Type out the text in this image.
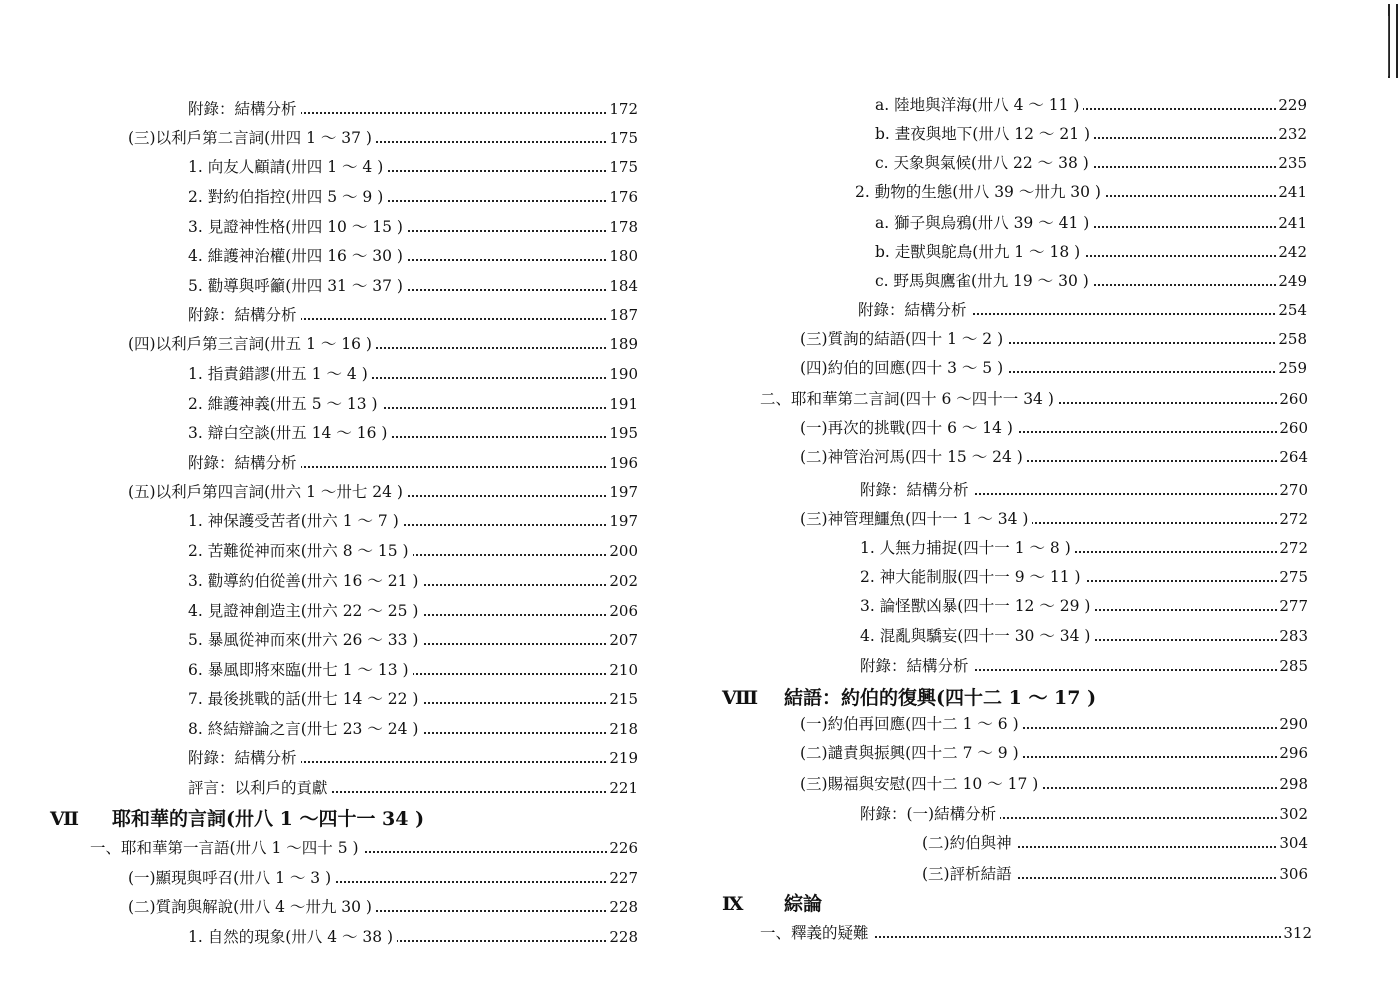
附錄：結構分析	172
(三)以利戶第二言詞(卅四 1 ～ 37 )	175
1. 向友人顧請(卅四 1 ～ 4 )	175
2. 對約伯指控(卅四 5 ～ 9 )	176
3. 見證神性格(卅四 10 ～ 15 )	178
4. 維護神治權(卅四 16 ～ 30 )	180
5. 勸導與呼籲(卅四 31 ～ 37 )	184
附錄：結構分析	187
(四)以利戶第三言詞(卅五 1 ～ 16 )	189
1. 指責錯謬(卅五 1 ～ 4 )	190
2. 維護神義(卅五 5 ～ 13 )	191
3. 辯白空談(卅五 14 ～ 16 )	195
附錄：結構分析	196
(五)以利戶第四言詞(卅六 1 ～卅七 24 )	197
1. 神保護受苦者(卅六 1 ～ 7 )	197
2. 苦難從神而來(卅六 8 ～ 15 )	200
3. 勸導約伯從善(卅六 16 ～ 21 )	202
4. 見證神創造主(卅六 22 ～ 25 )	206
5. 暴風從神而來(卅六 26 ～ 33 )	207
6. 暴風即將來臨(卅七 1 ～ 13 )	210
7. 最後挑戰的話(卅七 14 ～ 22 )	215
8. 終結辯論之言(卅七 23 ～ 24 )	218
附錄：結構分析	219
評言：以利戶的貢獻	221
Ⅶ 耶和華的言詞(卅八 1 ～四十一 34 )
一、耶和華第一言語(卅八 1 ～四十 5 )	226
(一)顯現與呼召(卅八 1 ～ 3 )	227
(二)質詢與解說(卅八 4 ～卅九 30 )	228
1. 自然的現象(卅八 4 ～ 38 )	228
a. 陸地與洋海(卅八 4 ～ 11 )	229
b. 晝夜與地下(卅八 12 ～ 21 )	232
c. 天象與氣候(卅八 22 ～ 38 )	235
2. 動物的生態(卅八 39 ～卅九 30 )	241
a. 獅子與烏鴉(卅八 39 ～ 41 )	241
b. 走獸與鴕鳥(卅九 1 ～ 18 )	242
c. 野馬與鷹雀(卅九 19 ～ 30 )	249
附錄：結構分析	254
(三)質詢的結語(四十 1 ～ 2 )	258
(四)約伯的回應(四十 3 ～ 5 )	259
二、耶和華第二言詞(四十 6 ～四十一 34 )	260
(一)再次的挑戰(四十 6 ～ 14 )	260
(二)神管治河馬(四十 15 ～ 24 )	264
附錄：結構分析	270
(三)神管理鱷魚(四十一 1 ～ 34 )	272
1. 人無力捕捉(四十一 1 ～ 8 )	272
2. 神大能制服(四十一 9 ～ 11 )	275
3. 論怪獸凶暴(四十一 12 ～ 29 )	277
4. 混亂與驕妄(四十一 30 ～ 34 )	283
附錄：結構分析	285
Ⅷ 結語：約伯的復興(四十二 1 ～ 17 )
(一)約伯再回應(四十二 1 ～ 6 )	290
(二)譴責與振興(四十二 7 ～ 9 )	296
(三)賜福與安慰(四十二 10 ～ 17 )	298
附錄：(一)結構分析	302
(二)約伯與神	304
(三)評析結語	306
Ⅸ 綜論
一、釋義的疑難	312
